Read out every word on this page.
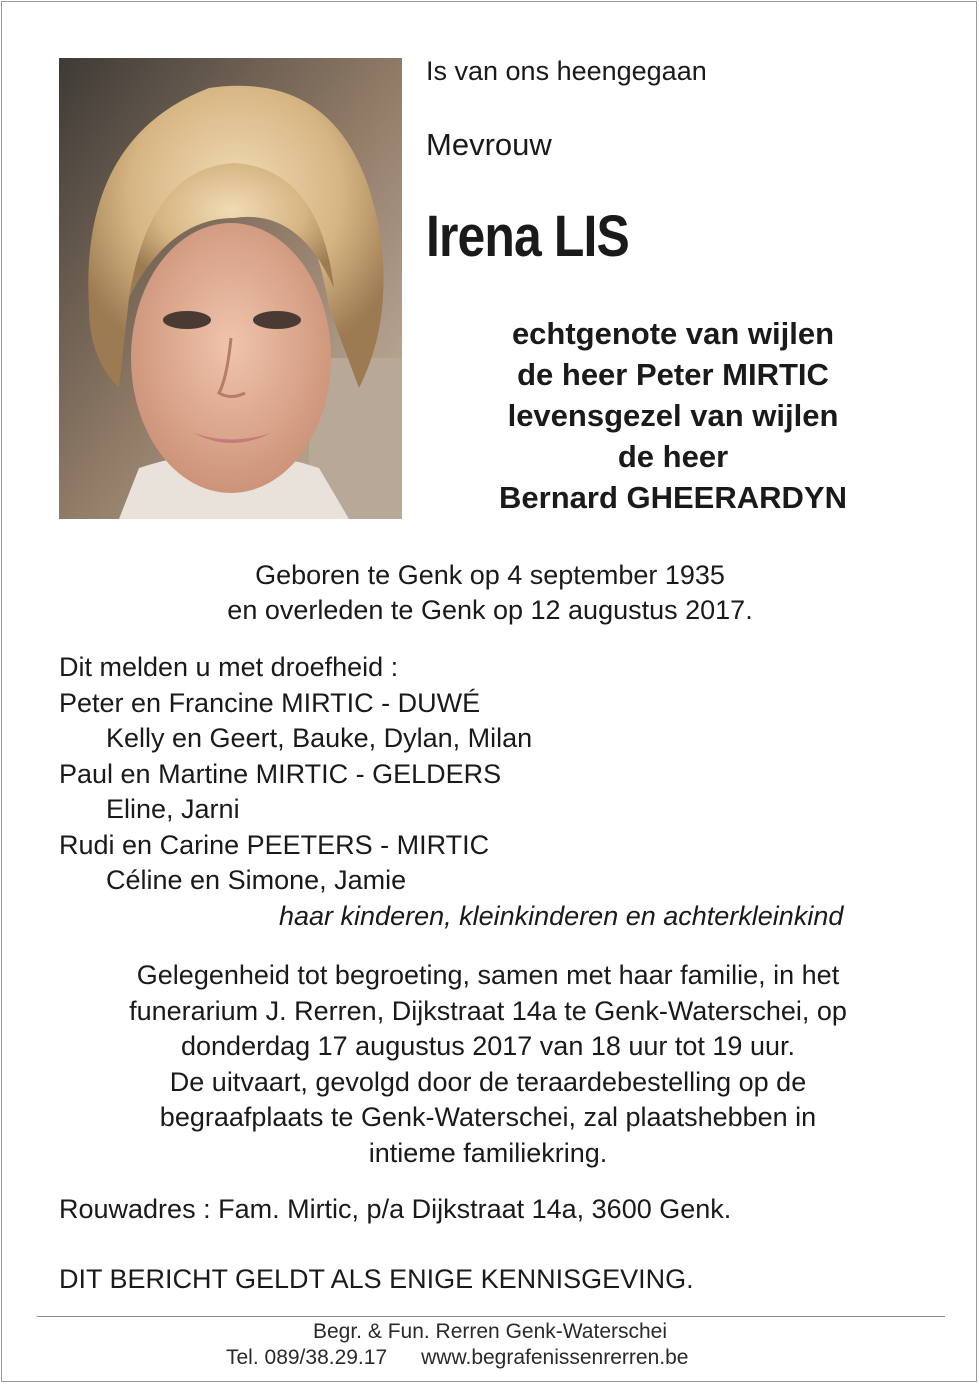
Is van ons heengegaan
Mevrouw
Irena LIS
echtgenote van wijlen
de heer Peter MIRTIC
levensgezel van wijlen
de heer
Bernard GHEERARDYN
Geboren te Genk op 4 september 1935
en overleden te Genk op 12 augustus 2017.
Dit melden u met droefheid :
Peter en Francine MIRTIC - DUWÉ
Kelly en Geert, Bauke, Dylan, Milan
Paul en Martine MIRTIC - GELDERS
Eline, Jarni
Rudi en Carine PEETERS - MIRTIC
Céline en Simone, Jamie
haar kinderen, kleinkinderen en achterkleinkind
Gelegenheid tot begroeting, samen met haar familie, in het
funerarium J. Rerren, Dijkstraat 14a te Genk-Waterschei, op
donderdag 17 augustus 2017 van 18 uur tot 19 uur.
De uitvaart, gevolgd door de teraardebestelling op de
begraafplaats te Genk-Waterschei, zal plaatshebben in
intieme familiekring.
Rouwadres : Fam. Mirtic, p/a Dijkstraat 14a, 3600 Genk.
DIT BERICHT GELDT ALS ENIGE KENNISGEVING.
Begr. & Fun. Rerren Genk-Waterschei
Tel. 089/38.29.17 www.begrafenissenrerren.be
